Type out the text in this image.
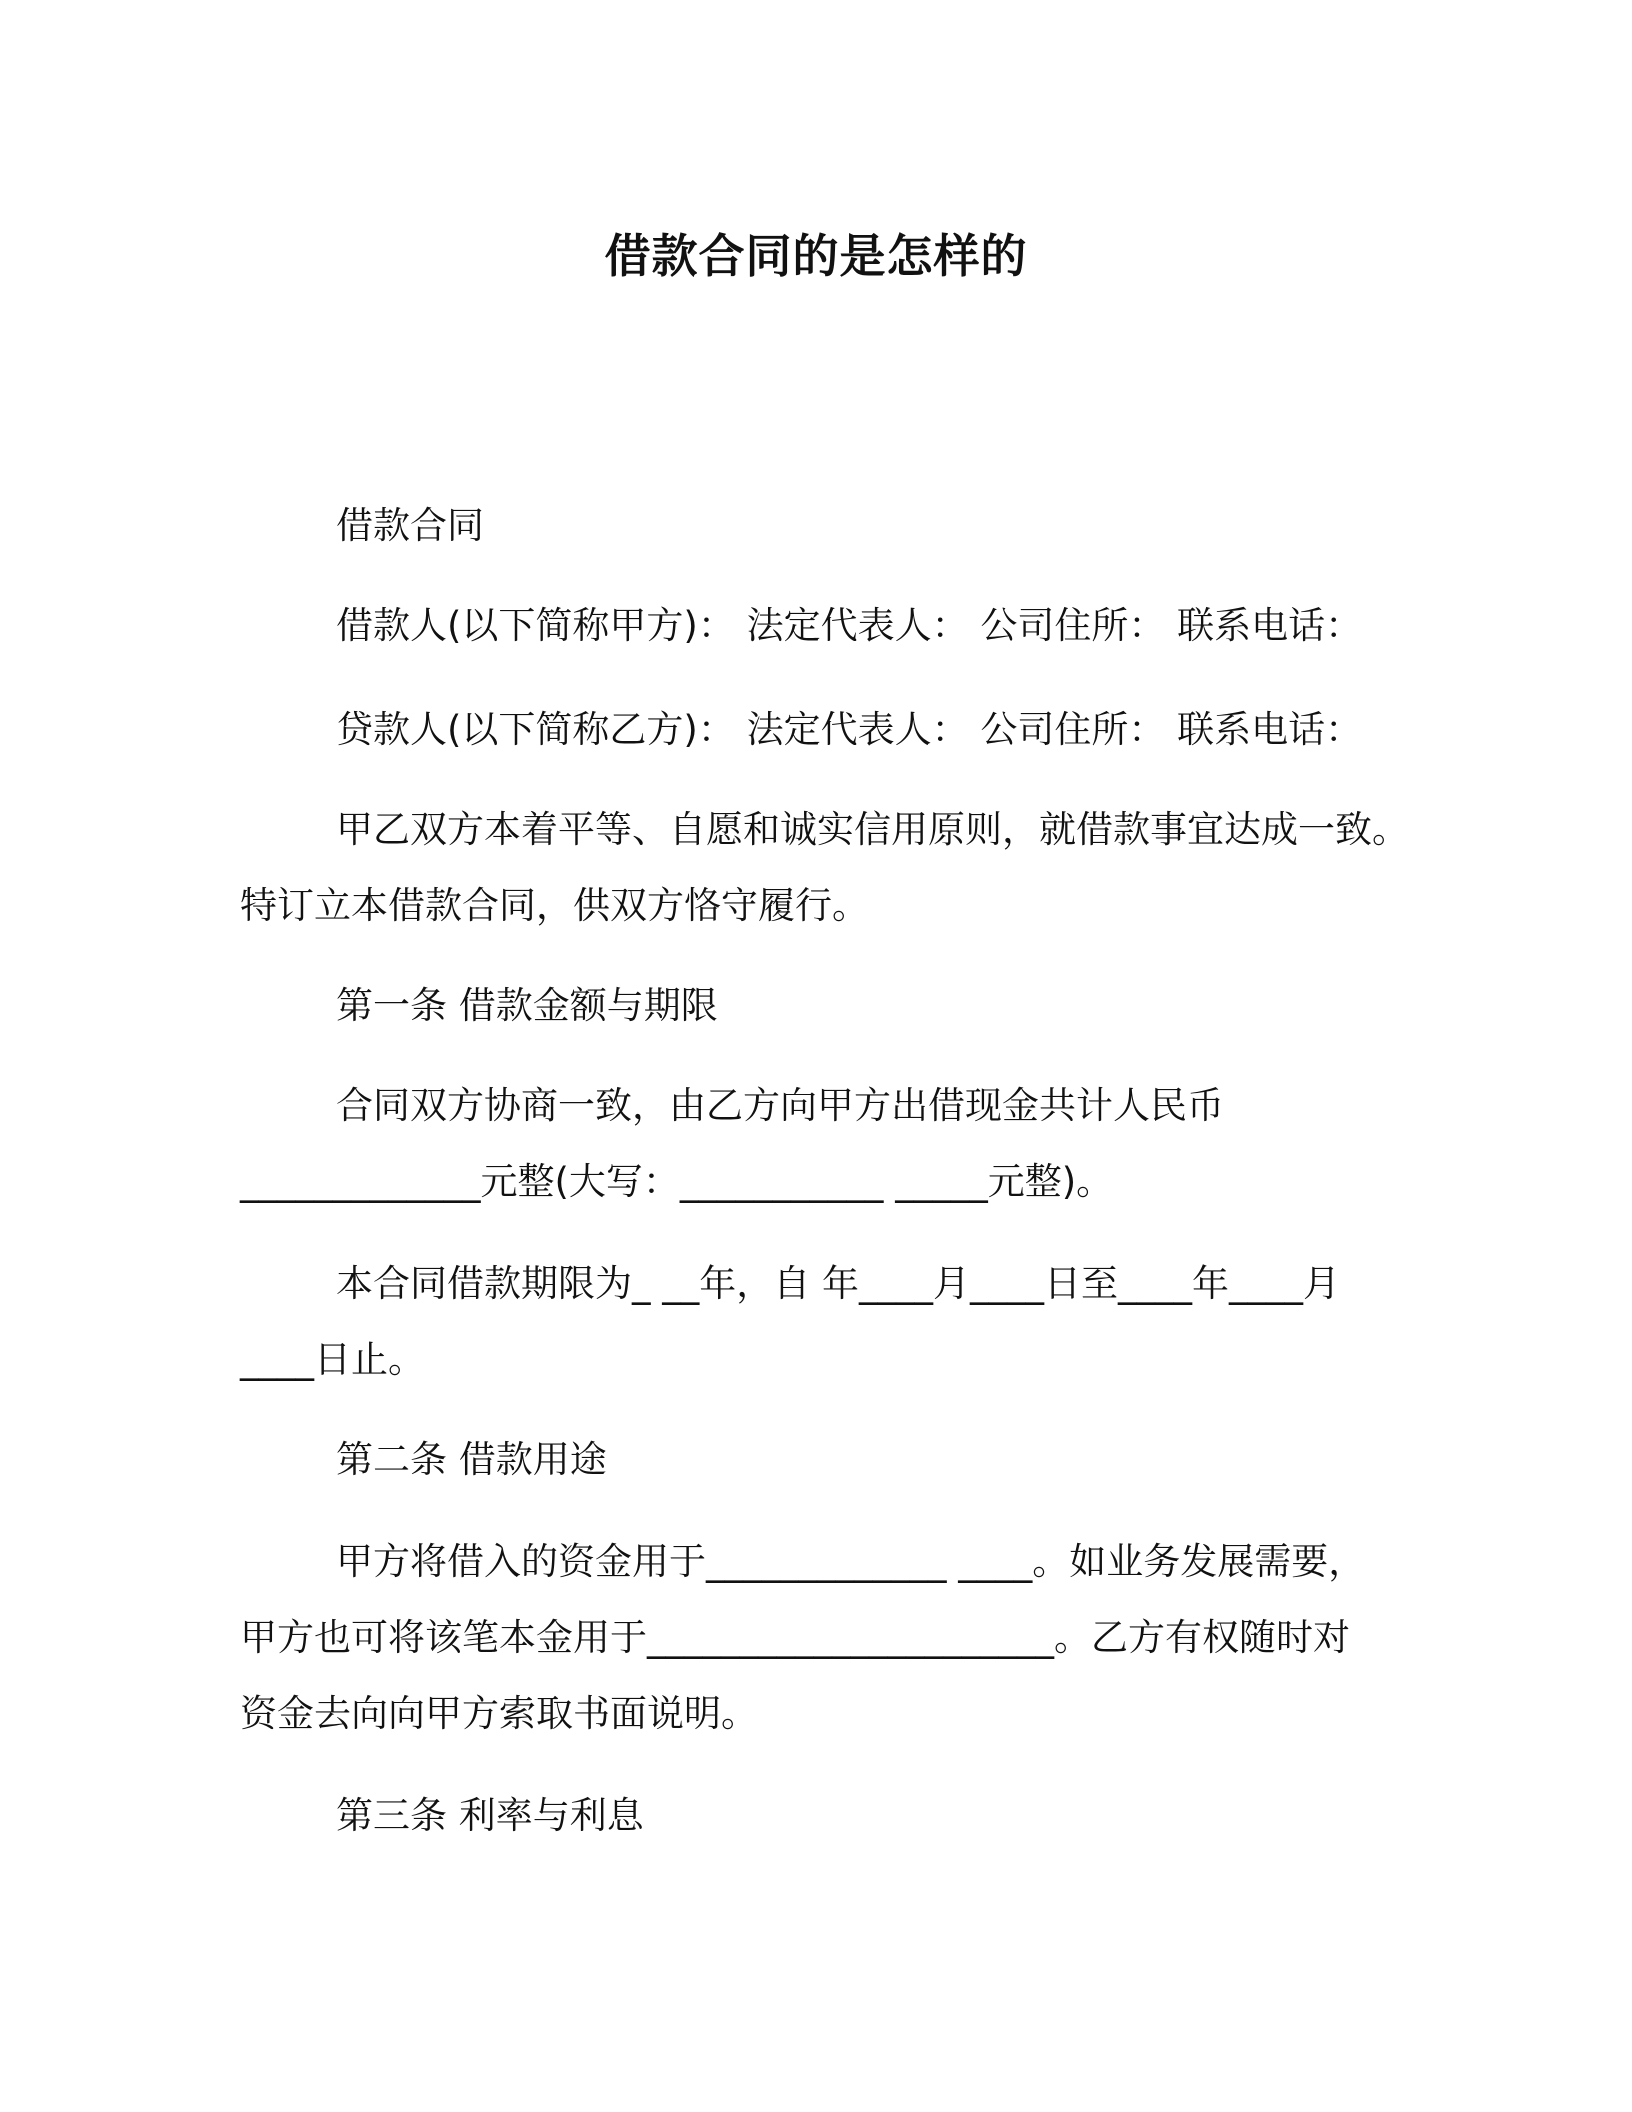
借款合同的是怎样的
借款合同
借款人(以下简称甲方)： 法定代表人： 公司住所： 联系电话：
贷款人(以下简称乙方)： 法定代表人： 公司住所： 联系电话：
甲乙双方本着平等、自愿和诚实信用原则，就借款事宜达成一致。
特订立本借款合同，供双方恪守履行。
第一条 借款金额与期限
合同双方协商一致，由乙方向甲方出借现金共计人民币
_____________元整(大写：___________ _____元整)。
本合同借款期限为_ __年，自 年____月____日至____年____月
____日止。
第二条 借款用途
甲方将借入的资金用于_____________ ____。如业务发展需要，
甲方也可将该笔本金用于______________________。乙方有权随时对
资金去向向甲方索取书面说明。
第三条 利率与利息
